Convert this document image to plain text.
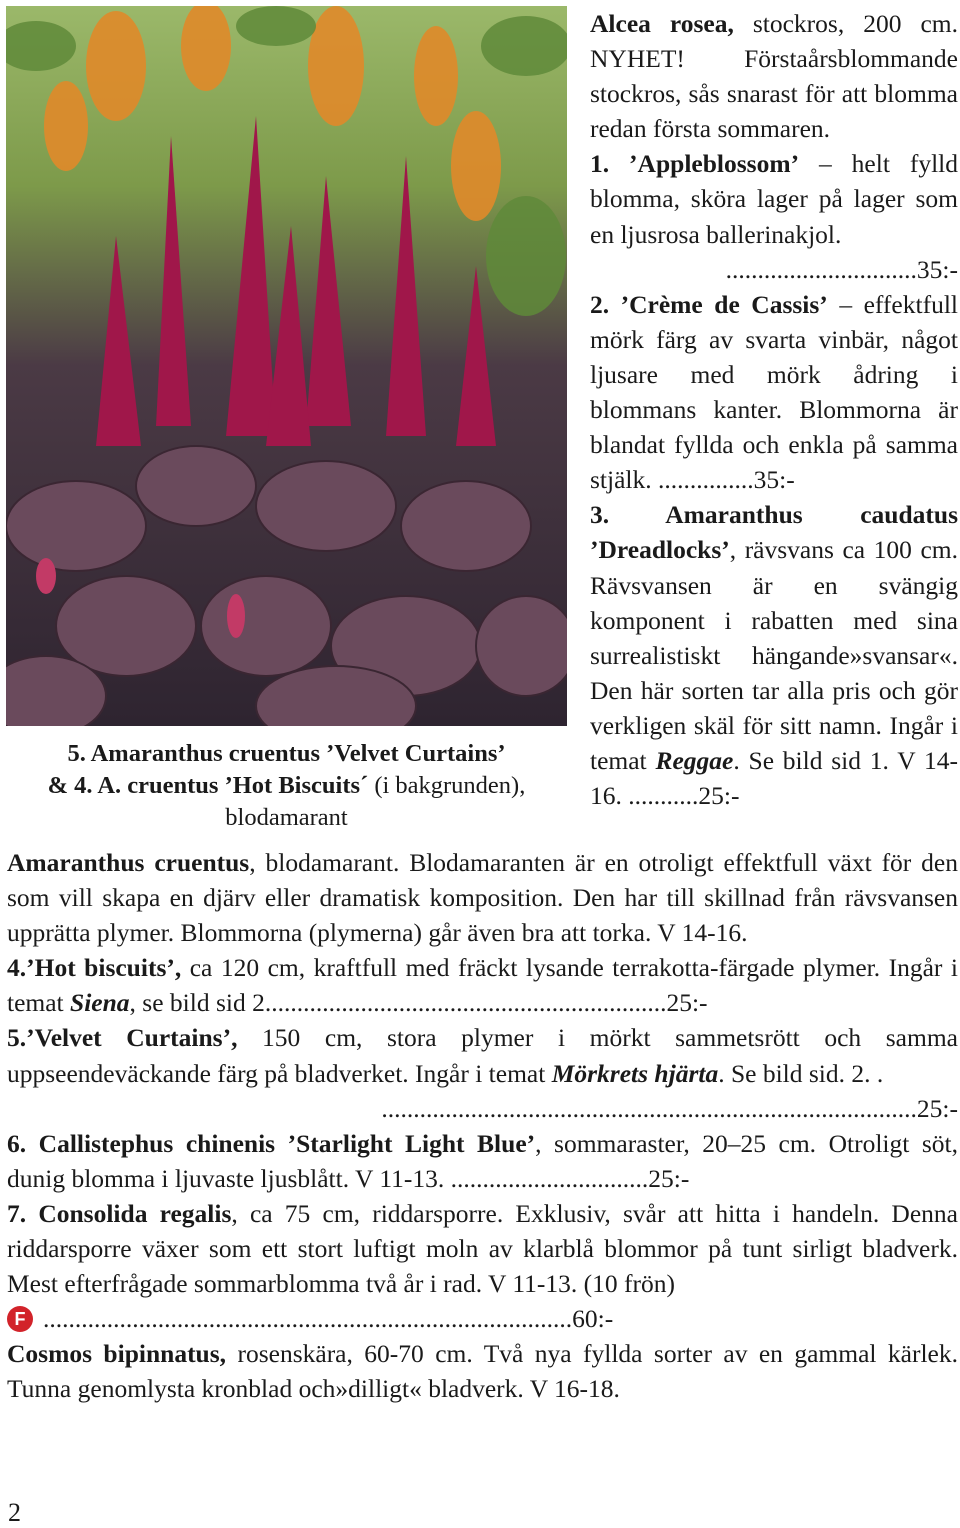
5. Amaranthus cruentus ’Velvet Curtains’
& 4. A. cruentus ’Hot Biscuits´ (i bakgrunden),
blodamarant

Alcea rosea, stockros, 200 cm. NYHET! Förstaårsblommande stockros, sås snarast för att blomma redan första sommaren.

1. ’Appleblossom’ – helt fylld blomma, sköra lager på lager som en ljusrosa ballerinakjol.
..............................35:-

2. ’Crème de Cassis’ – effektfull mörk färg av svarta vinbär, något ljusare med mörk ådring i blommans kanter. Blommorna är blandat fyllda och enkla på samma stjälk. ...............35:-

3. Amaranthus caudatus ’Dreadlocks’, rävsvans ca 100 cm. Rävsvansen är en svängig komponent i rabatten med sina surrealistiskt hängande»svansar«. Den här sorten tar alla pris och gör verkligen skäl för sitt namn. Ingår i temat Reggae. Se bild sid 1. V 14-16. ...........25:-

Amaranthus cruentus, blodamarant. Blodamaranten är en otroligt effektfull växt för den som vill skapa en djärv eller dramatisk komposition. Den har till skillnad från rävsvansen upprätta plymer. Blommorna (plymerna) går även bra att torka. V 14-16.

4.’Hot biscuits’, ca 120 cm, kraftfull med fräckt lysande terrakotta-färgade plymer. Ingår i temat Siena, se bild sid 2...............................................................25:-

5.’Velvet Curtains’, 150 cm, stora plymer i mörkt sammetsrött och samma uppseendeväckande färg på bladverket. Ingår i temat Mörkrets hjärta. Se bild sid. 2. .
....................................................................................25:-

6. Callistephus chinenis ’Starlight Light Blue’, sommaraster, 20–25 cm. Otroligt söt, dunig blomma i ljuvaste ljusblått. V 11-13. ...............................25:-

7. Consolida regalis, ca 75 cm, riddarsporre. Exklusiv, svår att hitta i handeln. Denna riddarsporre växer som ett stort luftigt moln av klarblå blommor på tunt sirligt bladverk. Mest efterfrågade sommarblomma två år i rad. V 11-13. (10 frön)
F ...................................................................................60:-

Cosmos bipinnatus, rosenskära, 60-70 cm. Två nya fyllda sorter av en gammal kärlek. Tunna genomlysta kronblad och»dilligt« bladverk. V 16-18.

2
